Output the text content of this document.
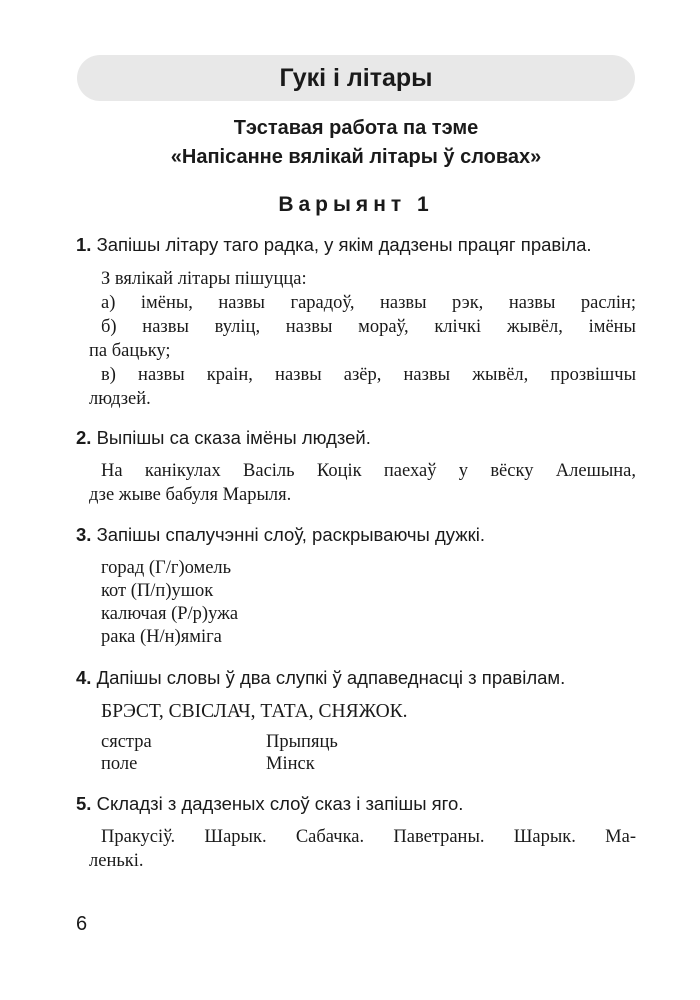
Гукі і літары
Тэставая работа па тэме
«Напісанне вялікай літары ў словах»
Варыянт 1
1. Запішы літару таго радка, у якім дадзены працяг правіла.
З вялікай літары пішуцца:
а) імёны, назвы гарадоў, назвы рэк, назвы раслін;
б) назвы вуліц, назвы мораў, клічкі жывёл, імёны
па бацьку;
в) назвы краін, назвы азёр, назвы жывёл, прозвішчы
людзей.
2. Выпішы са сказа імёны людзей.
На канікулах Васіль Коцік паехаў у вёску Алешына,
дзе жыве бабуля Марыля.
3. Запішы спалучэнні слоў, раскрываючы дужкі.
горад (Г/г)омель
кот (П/п)ушок
калючая (Р/р)ужа
рака (Н/н)яміга
4. Дапішы словы ў два слупкі ў адпаведнасці з правілам.
БРЭСТ, СВІСЛАЧ, ТАТА, СНЯЖОК.
сястра
поле
Прыпяць
Мінск
5. Складзі з дадзеных слоў сказ і запішы яго.
Пракусіў. Шарык. Сабачка. Паветраны. Шарык. Ма-
ленькі.
6
